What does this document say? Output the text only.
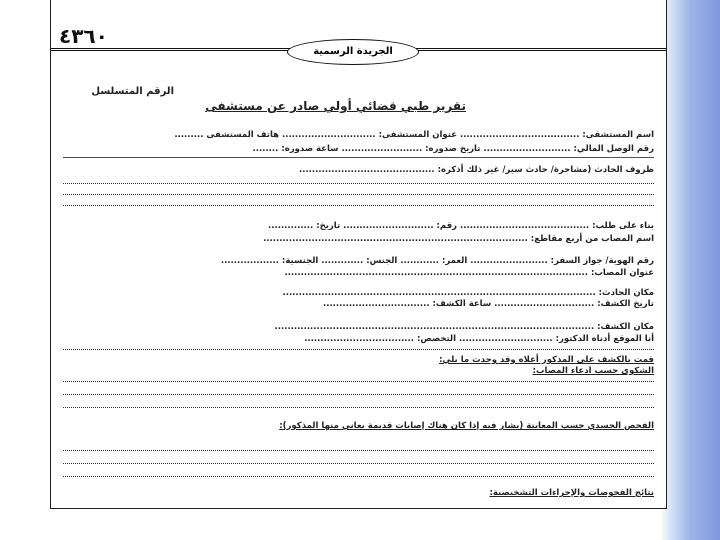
٤٣٦٠
الجريدة الرسمية
الرقم المتسلسل
تقرير طبي قضائي أولي صادر عن مستشفى
اسم المستشفى: ..................................... عنوان المستشفى: ............................. هاتف المستشفى .........
رقم الوصل المالي: ........................... تاريخ صدوره: ......................... ساعة صدوره: ........
ظروف الحادث (مشاجرة/ حادث سير/ غير ذلك أذكره: ..........................................
بناء على طلب: ........................................ رقم: ............................ تاريخ: ..............
اسم المصاب من أربع مقاطع: ..................................................................................
رقم الهوية/ جواز السفر: ........................ العمر: ............ الجنس: ............. الجنسية: ..................
عنوان المصاب: ..............................................................................................
مكان الحادث: .................................................................................................
تاريخ الكشف: ............................... ساعة الكشف: .................................
مكان الكشف: ...................................................................................................
أنا الموقع أدناه الدكتور: ............................. التخصص: ..................................
قمت بالكشف على المذكور أعلاه وقد وجدت ما يلي:
الشكوى حسب ادعاء المصاب:
الفحص الجسدي حسب المعاينة (يشار فيه إذا كان هناك إصابات قديمة يعاني منها المذكور):
نتائج الفحوصات والإجراءات التشخيصية:
